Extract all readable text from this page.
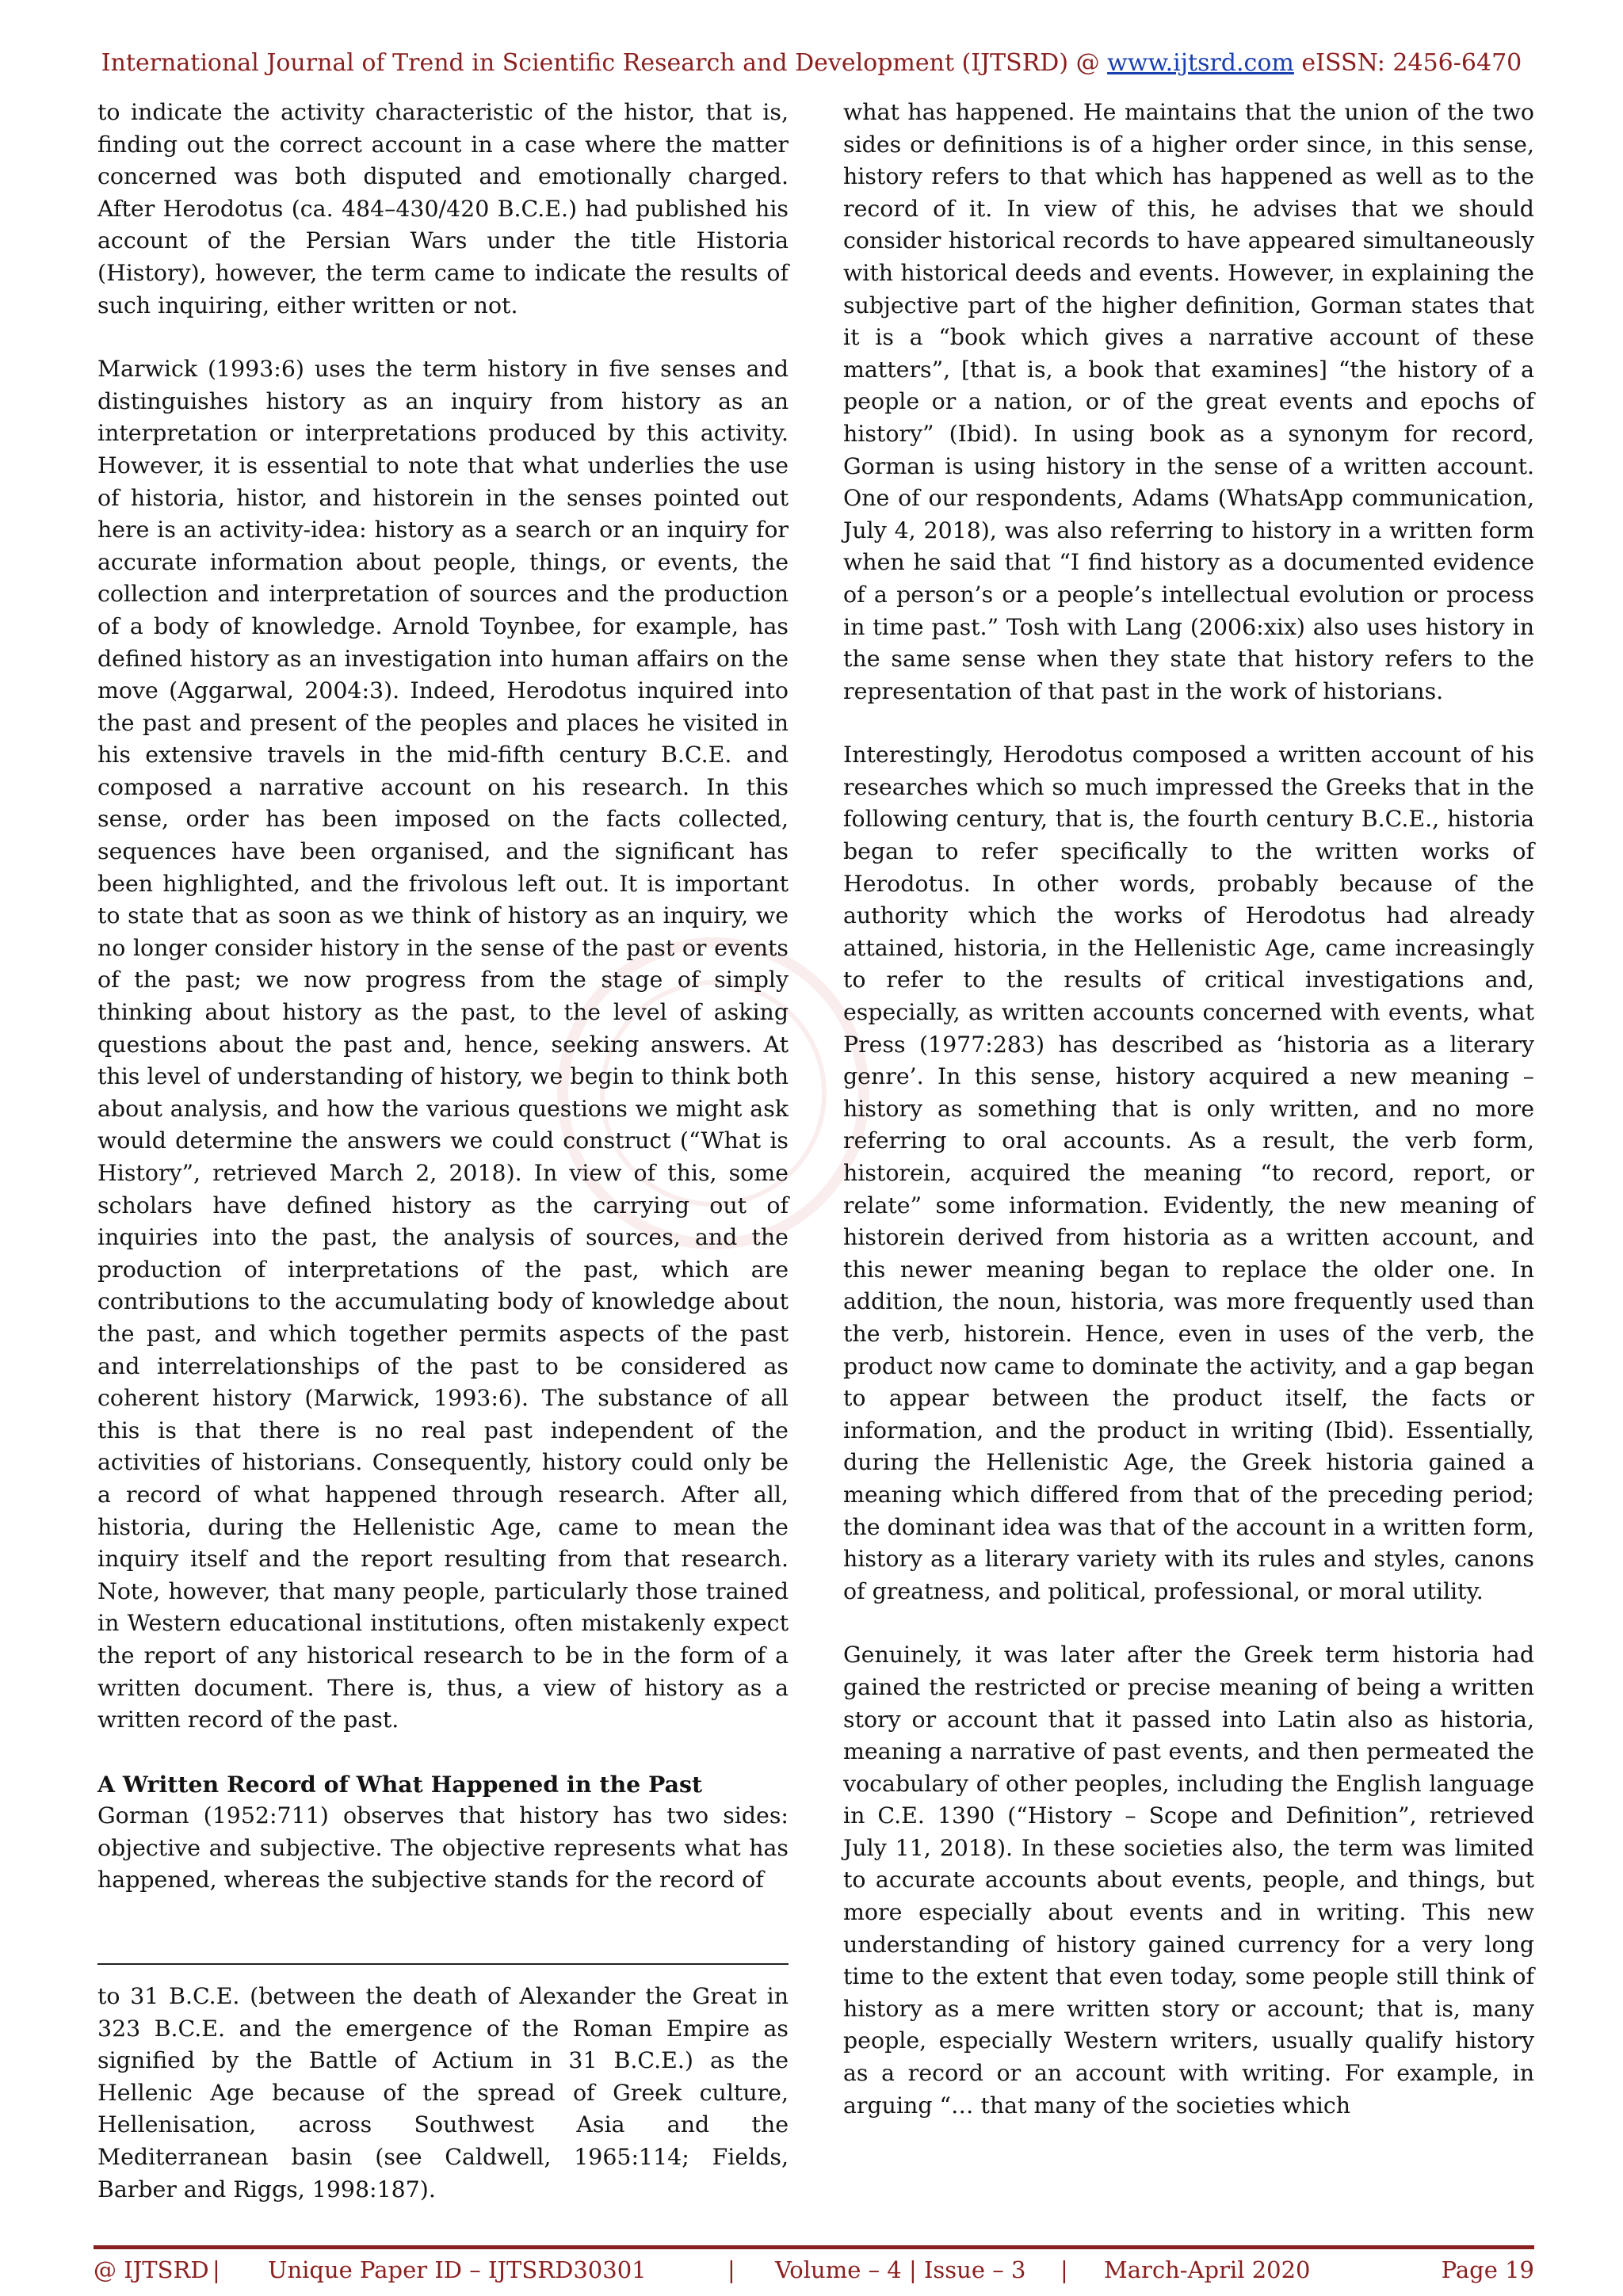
International Journal of Trend in Scientific Research and Development (IJTSRD) @ www.ijtsrd.com eISSN: 2456-6470

to indicate the activity characteristic of the histor, that is, finding out the correct account in a case where the matter concerned was both disputed and emotionally charged. After Herodotus (ca. 484–430/420 B.C.E.) had published his account of the Persian Wars under the title Historia (History), however, the term came to indicate the results of such inquiring, either written or not.

Marwick (1993:6) uses the term history in five senses and distinguishes history as an inquiry from history as an interpretation or interpretations produced by this activity. However, it is essential to note that what underlies the use of historia, histor, and historein in the senses pointed out here is an activity-idea: history as a search or an inquiry for accurate information about people, things, or events, the collection and interpretation of sources and the production of a body of knowledge. Arnold Toynbee, for example, has defined history as an investigation into human affairs on the move (Aggarwal, 2004:3). Indeed, Herodotus inquired into the past and present of the peoples and places he visited in his extensive travels in the mid-fifth century B.C.E. and composed a narrative account on his research. In this sense, order has been imposed on the facts collected, sequences have been organised, and the significant has been highlighted, and the frivolous left out. It is important to state that as soon as we think of history as an inquiry, we no longer consider history in the sense of the past or events of the past; we now progress from the stage of simply thinking about history as the past, to the level of asking questions about the past and, hence, seeking answers. At this level of understanding of history, we begin to think both about analysis, and how the various questions we might ask would determine the answers we could construct (“What is History”, retrieved March 2, 2018). In view of this, some scholars have defined history as the carrying out of inquiries into the past, the analysis of sources, and the production of interpretations of the past, which are contributions to the accumulating body of knowledge about the past, and which together permits aspects of the past and interrelationships of the past to be considered as coherent history (Marwick, 1993:6). The substance of all this is that there is no real past independent of the activities of historians. Consequently, history could only be a record of what happened through research. After all, historia, during the Hellenistic Age, came to mean the inquiry itself and the report resulting from that research. Note, however, that many people, particularly those trained in Western educational institutions, often mistakenly expect the report of any historical research to be in the form of a written document. There is, thus, a view of history as a written record of the past.

A Written Record of What Happened in the Past

Gorman (1952:711) observes that history has two sides: objective and subjective. The objective represents what has happened, whereas the subjective stands for the record of

to 31 B.C.E. (between the death of Alexander the Great in 323 B.C.E. and the emergence of the Roman Empire as signified by the Battle of Actium in 31 B.C.E.) as the Hellenic Age because of the spread of Greek culture, Hellenisation, across Southwest Asia and the Mediterranean basin (see Caldwell, 1965:114; Fields, Barber and Riggs, 1998:187).

what has happened. He maintains that the union of the two sides or definitions is of a higher order since, in this sense, history refers to that which has happened as well as to the record of it. In view of this, he advises that we should consider historical records to have appeared simultaneously with historical deeds and events. However, in explaining the subjective part of the higher definition, Gorman states that it is a “book which gives a narrative account of these matters”, [that is, a book that examines] “the history of a people or a nation, or of the great events and epochs of history” (Ibid). In using book as a synonym for record, Gorman is using history in the sense of a written account. One of our respondents, Adams (WhatsApp communication, July 4, 2018), was also referring to history in a written form when he said that “I find history as a documented evidence of a person’s or a people’s intellectual evolution or process in time past.” Tosh with Lang (2006:xix) also uses history in the same sense when they state that history refers to the representation of that past in the work of historians.

Interestingly, Herodotus composed a written account of his researches which so much impressed the Greeks that in the following century, that is, the fourth century B.C.E., historia began to refer specifically to the written works of Herodotus. In other words, probably because of the authority which the works of Herodotus had already attained, historia, in the Hellenistic Age, came increasingly to refer to the results of critical investigations and, especially, as written accounts concerned with events, what Press (1977:283) has described as ‘historia as a literary genre’. In this sense, history acquired a new meaning – history as something that is only written, and no more referring to oral accounts. As a result, the verb form, historein, acquired the meaning “to record, report, or relate” some information. Evidently, the new meaning of historein derived from historia as a written account, and this newer meaning began to replace the older one. In addition, the noun, historia, was more frequently used than the verb, historein. Hence, even in uses of the verb, the product now came to dominate the activity, and a gap began to appear between the product itself, the facts or information, and the product in writing (Ibid). Essentially, during the Hellenistic Age, the Greek historia gained a meaning which differed from that of the preceding period; the dominant idea was that of the account in a written form, history as a literary variety with its rules and styles, canons of greatness, and political, professional, or moral utility.

Genuinely, it was later after the Greek term historia had gained the restricted or precise meaning of being a written story or account that it passed into Latin also as historia, meaning a narrative of past events, and then permeated the vocabulary of other peoples, including the English language in C.E. 1390 (“History – Scope and Definition”, retrieved July 11, 2018). In these societies also, the term was limited to accurate accounts about events, people, and things, but more especially about events and in writing. This new understanding of history gained currency for a very long time to the extent that even today, some people still think of history as a mere written story or account; that is, many people, especially Western writers, usually qualify history as a record or an account with writing. For example, in arguing “… that many of the societies which

@ IJTSRD |	Unique Paper ID – IJTSRD30301	|	Volume – 4 | Issue – 3	|	March-April 2020	Page 19
